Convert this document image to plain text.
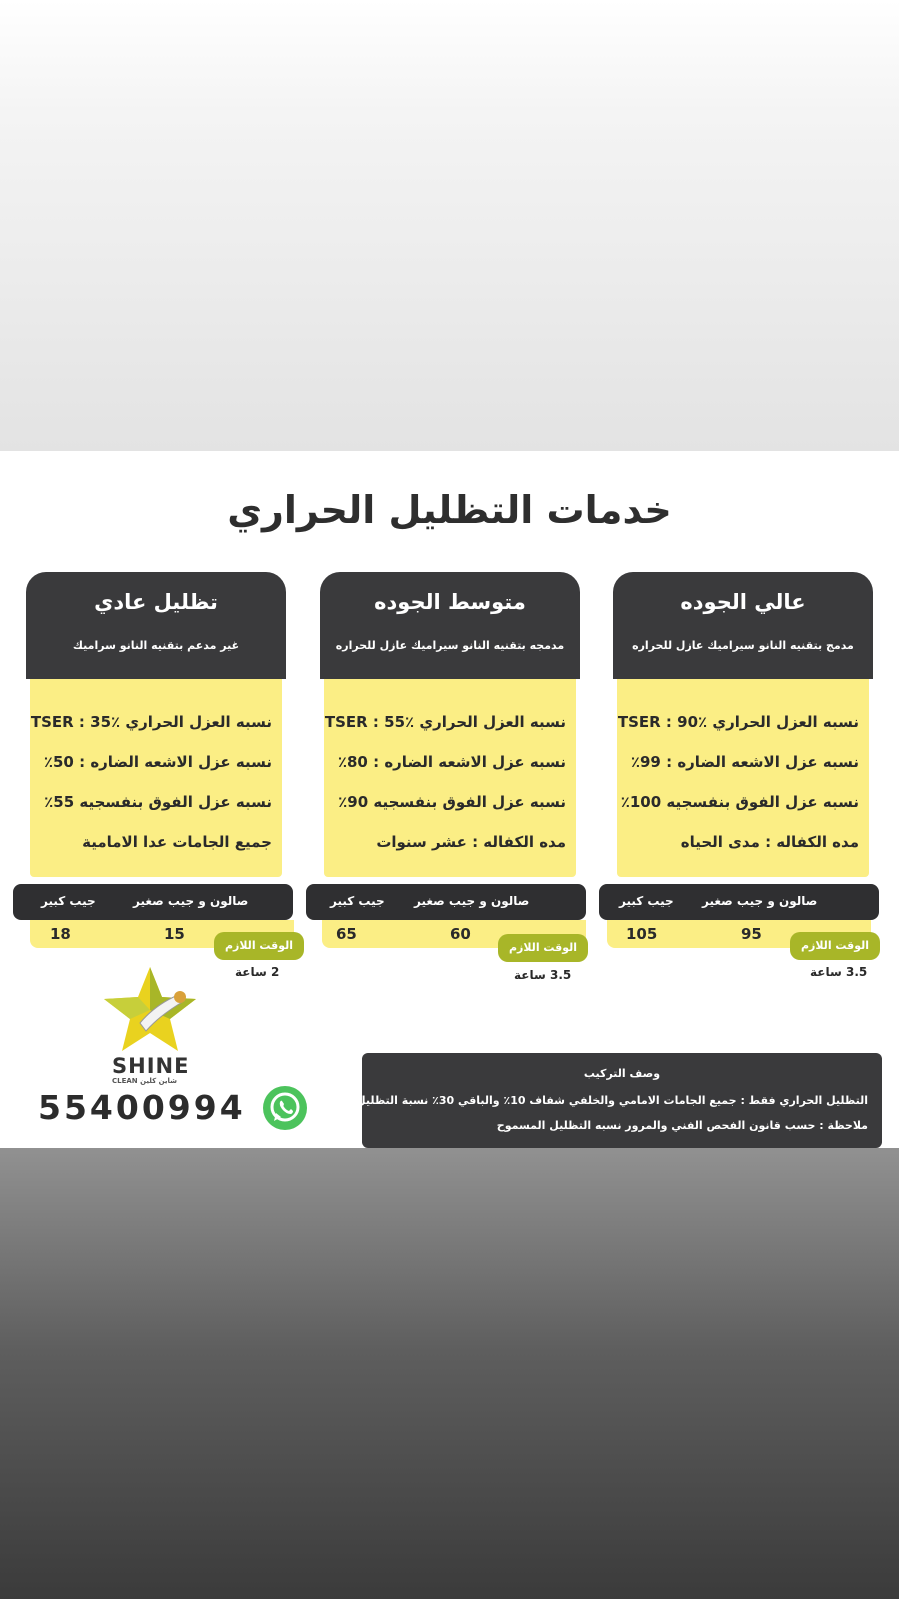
خدمات التظليل الحراري
عالي الجوده
مدمج بتقنيه النانو سيراميك عازل للحراره
نسبه العزل الحراري TSER : 90٪
نسبه عزل الاشعه الضاره : 99٪
نسبه عزل الفوق بنفسجيه 100٪
مده الكفاله : مدى الحياه
متوسط الجوده
مدمجه بتقنيه النانو سيراميك عازل للحراره
نسبه العزل الحراري TSER : 55٪
نسبه عزل الاشعه الضاره : 80٪
نسبه عزل الفوق بنفسجيه 90٪
مده الكفاله : عشر سنوات
تظليل عادي
غير مدعم بتقنيه النانو سراميك
نسبه العزل الحراري TSER : 35٪
نسبه عزل الاشعه الضاره : 50٪
نسبه عزل الفوق بنفسجيه 55٪
جميع الجامات عدا الامامية
صالون و جيب صغير
جيب كبير
95
105
الوقت اللازم
3.5 ساعة
صالون و جيب صغير
جيب كبير
60
65
الوقت اللازم
3.5 ساعة
صالون و جيب صغير
جيب كبير
15
18
الوقت اللازم
2 ساعة
SHINE
CLEAN شاين كلين
55400994
وصف التركيب
التظليل الحراري فقط : جميع الجامات الامامي والخلفي شفاف 10٪ والباقي 30٪ نسبة التظليل
ملاحظة : حسب قانون الفحص الفني والمرور نسبه التظليل المسموح
